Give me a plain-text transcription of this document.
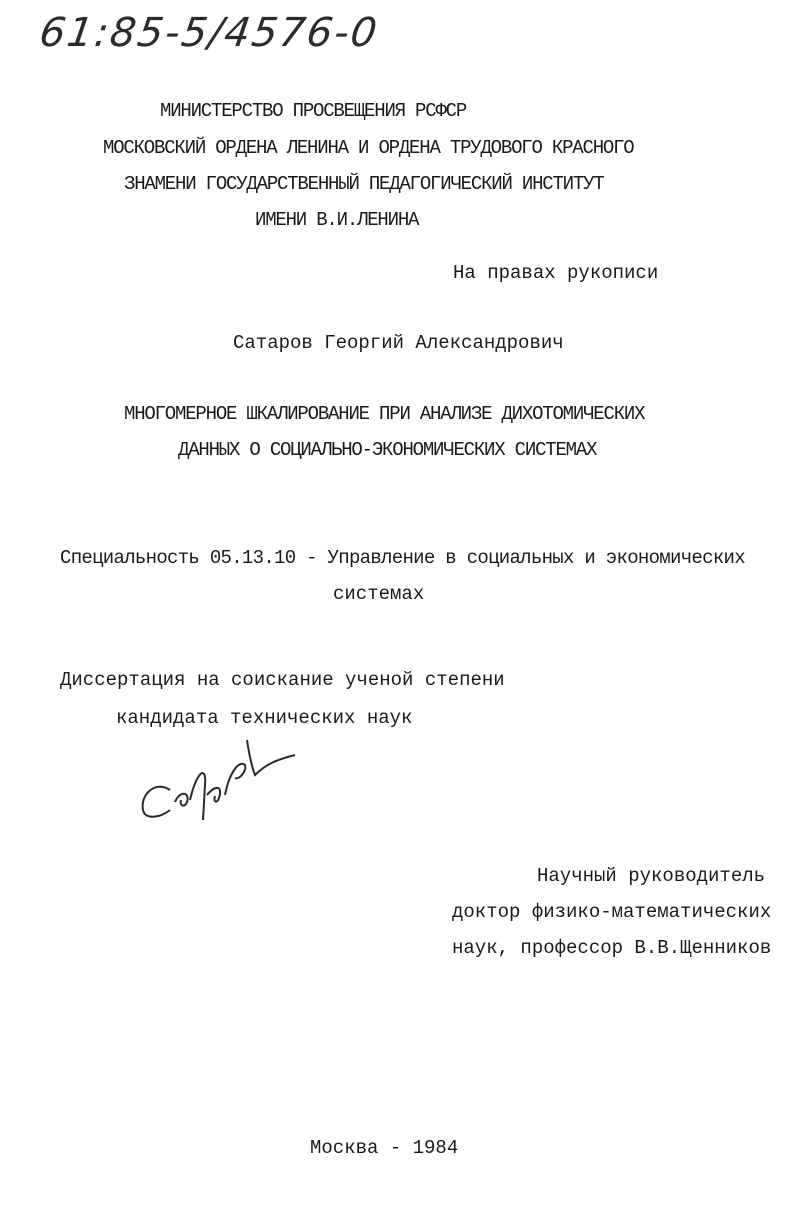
61:85-5/4576-0
МИНИСТЕРСТВО ПРОСВЕЩЕНИЯ РСФСР
МОСКОВСКИЙ ОРДЕНА ЛЕНИНА И ОРДЕНА ТРУДОВОГО КРАСНОГО
ЗНАМЕНИ ГОСУДАРСТВЕННЫЙ ПЕДАГОГИЧЕСКИЙ ИНСТИТУТ
ИМЕНИ В.И.ЛЕНИНА
На правах рукописи
Сатаров Георгий Александрович
МНОГОМЕРНОЕ ШКАЛИРОВАНИЕ ПРИ АНАЛИЗЕ ДИХОТОМИЧЕСКИХ
ДАННЫХ О СОЦИАЛЬНО-ЭКОНОМИЧЕСКИХ СИСТЕМАХ
Специальность 05.13.10 - Управление в социальных и экономических
системах
Диссертация на соискание ученой степени
кандидата технических наук
Научный руководитель
доктор физико-математических
наук, профессор В.В.Щенников
Москва - 1984
